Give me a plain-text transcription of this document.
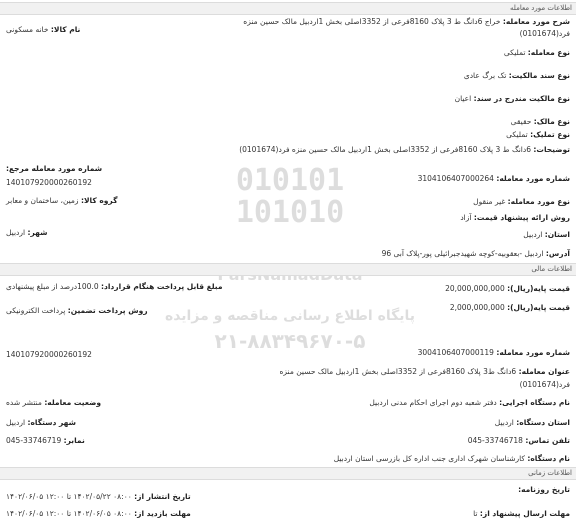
010101
101010
پایگاه اطلاع رسانی مناقصه و مزایده
۲۱-۸۸۳۴۹۶۷۰-۵
اطلاعات مورد معامله
شرح مورد معامله: خراج 6دانگ ط 3 پلاک 8160فرعی از 3352اصلی بخش 1اردبیل مالک حسین منزه
فرد(0101674)
نام کالا: خانه مسکونی
نوع معامله: تملیکی
نوع سند مالکیت: تک برگ عادی
نوع مالکیت مندرج در سند: اعیان
نوع مالک: حقیقی
نوع تملیک: تملیکی
توضیحات: 6دانگ ط 3 پلاک 8160فرعی از 3352اصلی بخش 1اردبیل مالک حسین منزه فرد(0101674)
شماره مورد معامله مرجع:
140107920000260192	شماره مورد معامله: 3104106407000264
گروه کالا: زمین، ساختمان و معابر	نوع مورد معامله: غیر منقول
روش ارائه پیشنهاد قیمت: آزاد
شهر: اردبیل	استان: اردبیل
آدرس: اردبیل -بعقوبیه-کوچه شهیدجبرائیلی پور-پلاک آبی 96
اطلاعات مالی
قیمت پایه(ریال): 20,000,000,000
مبلغ قابل پرداخت هنگام قرارداد: 100.0درصد از مبلغ پیشنهادی
قیمت پایه(ریال): 2,000,000,000
روش پرداخت تضمین: پرداخت الکترونیکی
شماره مورد معامله: 3004106407000119
140107920000260192
عنوان معامله: 6دانگ ط3 پلاک 8160فرعی از 3352اصلی بخش 1اردبیل مالک حسین منزه
فرد(0101674)
نام دستگاه اجرایی: دفتر شعبه دوم اجرای احکام مدنی اردبیل
وضعیت معامله: منتشر شده
استان دستگاه: اردبیل
شهر دستگاه: اردبیل
تلفن تماس: 33746718-045
نمابر: 33746719-045
نام دستگاه: کارشناسان شهرک اداری جنب اداره کل بازرسی استان اردبیل
اطلاعات زمانی
تاریخ روزنامه:
تاریخ انتشار از: ۰۸:۰۰ ۱۴۰۲/۰۵/۲۲ تا ۱۲:۰۰ ۱۴۰۲/۰۶/۰۵
مهلت ارسال پیشنهاد از: تا
مهلت بازدید از: ۰۸:۰۰ ۱۴۰۲/۰۶/۰۵ تا ۱۲:۰۰ ۱۴۰۲/۰۶/۰۵
